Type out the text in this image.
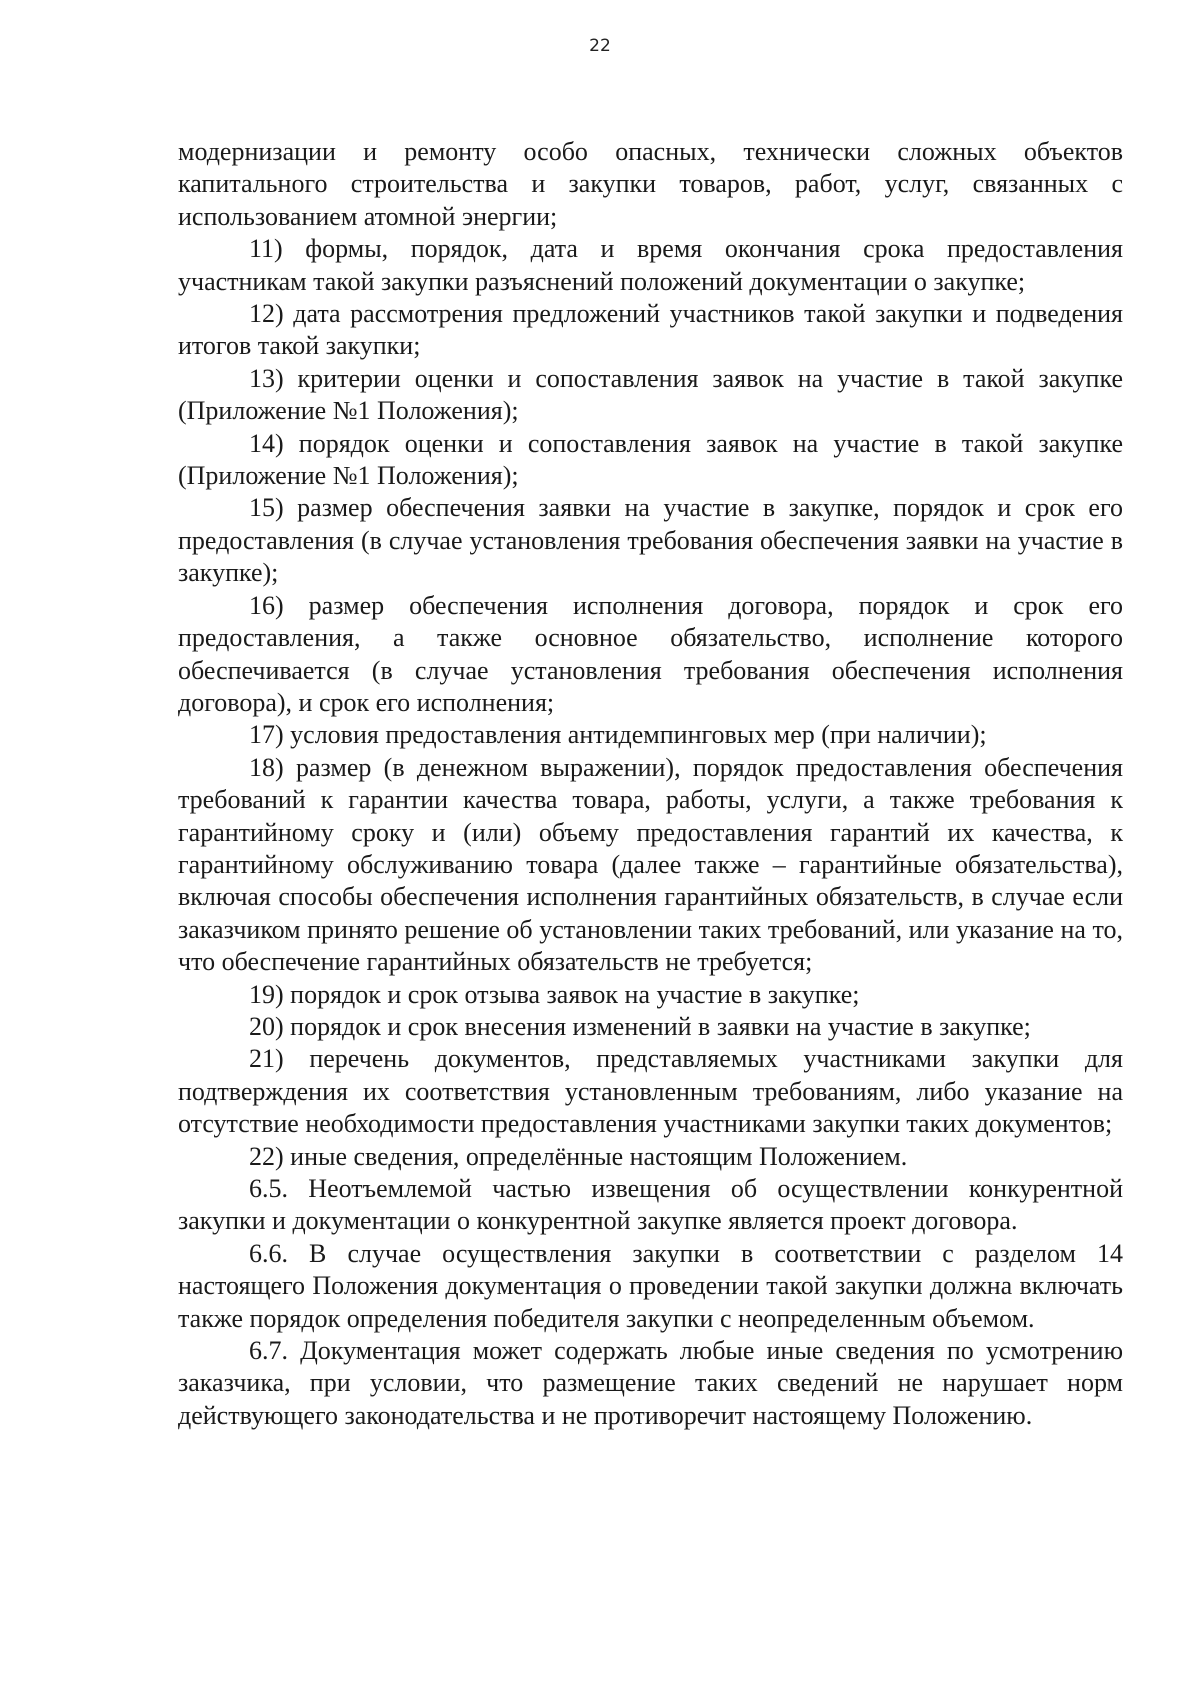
22

модернизации и ремонту особо опасных, технически сложных объектов капитального строительства и закупки товаров, работ, услуг, связанных с использованием атомной энергии;

11) формы, порядок, дата и время окончания срока предоставления участникам такой закупки разъяснений положений документации о закупке;

12) дата рассмотрения предложений участников такой закупки и подведения итогов такой закупки;

13) критерии оценки и сопоставления заявок на участие в такой закупке (Приложение №1 Положения);

14) порядок оценки и сопоставления заявок на участие в такой закупке (Приложение №1 Положения);

15) размер обеспечения заявки на участие в закупке, порядок и срок его предоставления (в случае установления требования обеспечения заявки на участие в закупке);

16) размер обеспечения исполнения договора, порядок и срок его предоставления, а также основное обязательство, исполнение которого обеспечивается (в случае установления требования обеспечения исполнения договора), и срок его исполнения;

17) условия предоставления антидемпинговых мер (при наличии);

18) размер (в денежном выражении), порядок предоставления обеспечения требований к гарантии качества товара, работы, услуги, а также требования к гарантийному сроку и (или) объему предоставления гарантий их качества, к гарантийному обслуживанию товара (далее также – гарантийные обязательства), включая способы обеспечения исполнения гарантийных обязательств, в случае если заказчиком принято решение об установлении таких требований, или указание на то, что обеспечение гарантийных обязательств не требуется;

19) порядок и срок отзыва заявок на участие в закупке;

20) порядок и срок внесения изменений в заявки на участие в закупке;

21) перечень документов, представляемых участниками закупки для подтверждения их соответствия установленным требованиям, либо указание на отсутствие необходимости предоставления участниками закупки таких документов;

22) иные сведения, определённые настоящим Положением.

6.5. Неотъемлемой частью извещения об осуществлении конкурентной закупки и документации о конкурентной закупке является проект договора.

6.6. В случае осуществления закупки в соответствии с разделом 14 настоящего Положения документация о проведении такой закупки должна включать также порядок определения победителя закупки с неопределенным объемом.

6.7. Документация может содержать любые иные сведения по усмотрению заказчика, при условии, что размещение таких сведений не нарушает норм действующего законодательства и не противоречит настоящему Положению.
